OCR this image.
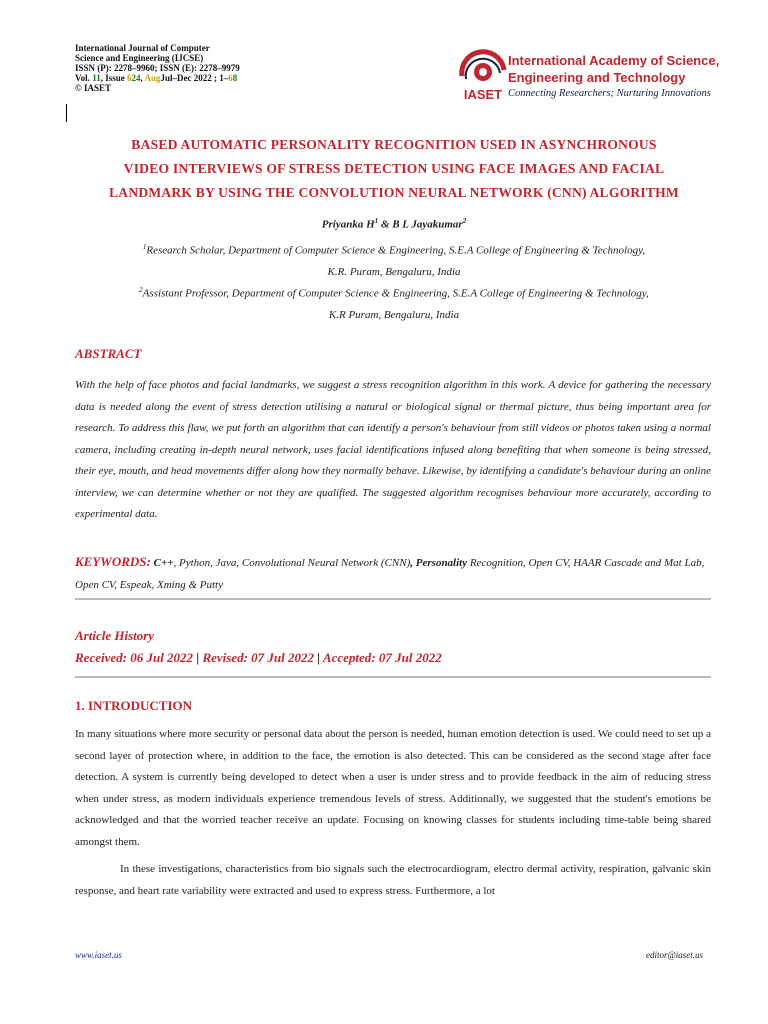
International Journal of Computer
Science and Engineering (IJCSE)
ISSN (P): 2278–9960; ISSN (E): 2278–9979
Vol. 11, Issue 624, AugJul–Dec 2022 ; 1–68
© IASET	IASET
International Academy of Science,
Engineering and Technology
Connecting Researchers; Nurturing Innovations
BASED AUTOMATIC PERSONALITY RECOGNITION USED IN ASYNCHRONOUS
VIDEO INTERVIEWS OF STRESS DETECTION USING FACE IMAGES AND FACIAL
LANDMARK BY USING THE CONVOLUTION NEURAL NETWORK (CNN) ALGORITHM
Priyanka $H^1$ & B L Jayakumar$^2$
$^1$Research Scholar, Department of Computer Science & Engineering, S.E.A College of Engineering & Technology,
K.R. Puram, Bengaluru, India
$^2$Assistant Professor, Department of Computer Science & Engineering, S.E.A College of Engineering & Technology,
K.R Puram, Bengaluru, India
ABSTRACT
With the help of face photos and facial landmarks, we suggest a stress recognition algorithm in this work. A device for gathering the necessary data is needed along the event of stress detection utilising a natural or biological signal or thermal picture, thus being important area for research. To address this flaw, we put forth an algorithm that can identify a person's behaviour from still videos or photos taken using a normal camera, including creating in-depth neural network, uses facial identifications infused along benefiting that when someone is being stressed, their eye, mouth, and head movements differ along how they normally behave. Likewise, by identifying a candidate's behaviour during an online interview, we can determine whether or not they are qualified. The suggested algorithm recognises behaviour more accurately, according to experimental data.
KEYWORDS: C++, Python, Java, Convolutional Neural Network (CNN), Personality Recognition, Open CV, HAAR Cascade and Mat Lab, Open CV, Espeak, Xming & Putty
Article History
Received: 06 Jul 2022 | Revised: 07 Jul 2022 | Accepted: 07 Jul 2022
1. INTRODUCTION
In many situations where more security or personal data about the person is needed, human emotion detection is used. We could need to set up a second layer of protection where, in addition to the face, the emotion is also detected. This can be considered as the second stage after face detection. A system is currently being developed to detect when a user is under stress and to provide feedback in the aim of reducing stress when under stress, as modern individuals experience tremendous levels of stress. Additionally, we suggested that the student's emotions be acknowledged and that the worried teacher receive an update. Focusing on knowing classes for students including time-table being shared amongst them.
In these investigations, characteristics from bio signals such the electrocardiogram, electro dermal activity, respiration, galvanic skin response, and heart rate variability were extracted and used to express stress. Furthermore, a lot
www.iaset.us	editor@iaset.us
